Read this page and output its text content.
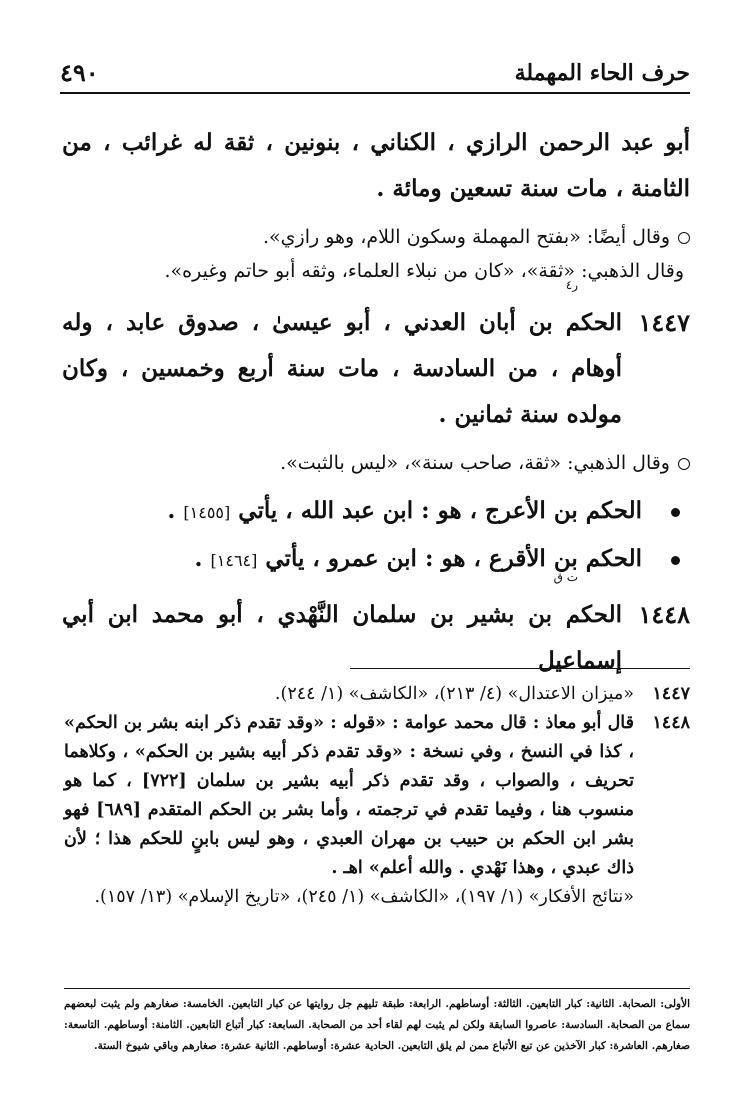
حرف الحاء المهملة
٤٩٠

أبو عبد الرحمن الرازي ، الكناني ، بنونين ، ثقة له غرائب ، من الثامنة ، مات سنة تسعين ومائة .

وقال أيضًا: «بفتح المهملة وسكون اللام، وهو رازي».

وقال الذهبي: «ثقة»، «كان من نبلاء العلماء، وثقه أبو حاتم وغيره».

١٤٤٧
ر٤
الحكم بن أبان العدني ، أبو عيسىٰ ، صدوق عابد ، وله أوهام ، من السادسة ، مات سنة أربع وخمسين ، وكان مولده سنة ثمانين .

وقال الذهبي: «ثقة، صاحب سنة»، «ليس بالثبت».

الحكم بن الأعرج ، هو : ابن عبد الله ، يأتي [١٤٥٥] .

الحكم بن الأقرع ، هو : ابن عمرو ، يأتي [١٤٦٤] .

١٤٤٨
ت ق
الحكم بن بشير بن سلمان النَّهْدي ، أبو محمد ابن أبي إسماعيل

١٤٤٧
«ميزان الاعتدال» (٤/ ٢١٣)، «الكاشف» (١/ ٢٤٤).

١٤٤٨
قال أبو معاذ : قال محمد عوامة : «قوله : «وقد تقدم ذكر ابنه بشر بن الحكم» ، كذا في النسخ ، وفي نسخة : «وقد تقدم ذكر أبيه بشير بن الحكم» ، وكلاهما تحريف ، والصواب ، وقد تقدم ذكر أبيه بشير بن سلمان [٧٢٢] ، كما هو منسوب هنا ، وفيما تقدم في ترجمته ، وأما بشر بن الحكم المتقدم [٦٨٩] فهو بشر ابن الحكم بن حبيب بن مهران العبدي ، وهو ليس بابنٍ للحكم هذا ؛ لأن ذاك عبدي ، وهذا نَهْدي . والله أعلم» اهـ .
«نتائج الأفكار» (١/ ١٩٧)، «الكاشف» (١/ ٢٤٥)، «تاريخ الإسلام» (١٣/ ١٥٧).

الأولى: الصحابة. الثانية: كبار التابعين. الثالثة: أوساطهم. الرابعة: طبقة تليهم جل روايتها عن كبار التابعين. الخامسة: صغارهم ولم يثبت لبعضهم سماع من الصحابة. السادسة: عاصروا السابقة ولكن لم يثبت لهم لقاء أحد من الصحابة. السابعة: كبار أتباع التابعين. الثامنة: أوساطهم. التاسعة: صغارهم. العاشرة: كبار الآخذين عن تبع الأتباع ممن لم يلق التابعين. الحادية عشرة: أوساطهم. الثانية عشرة: صغارهم وباقي شيوخ الستة.
